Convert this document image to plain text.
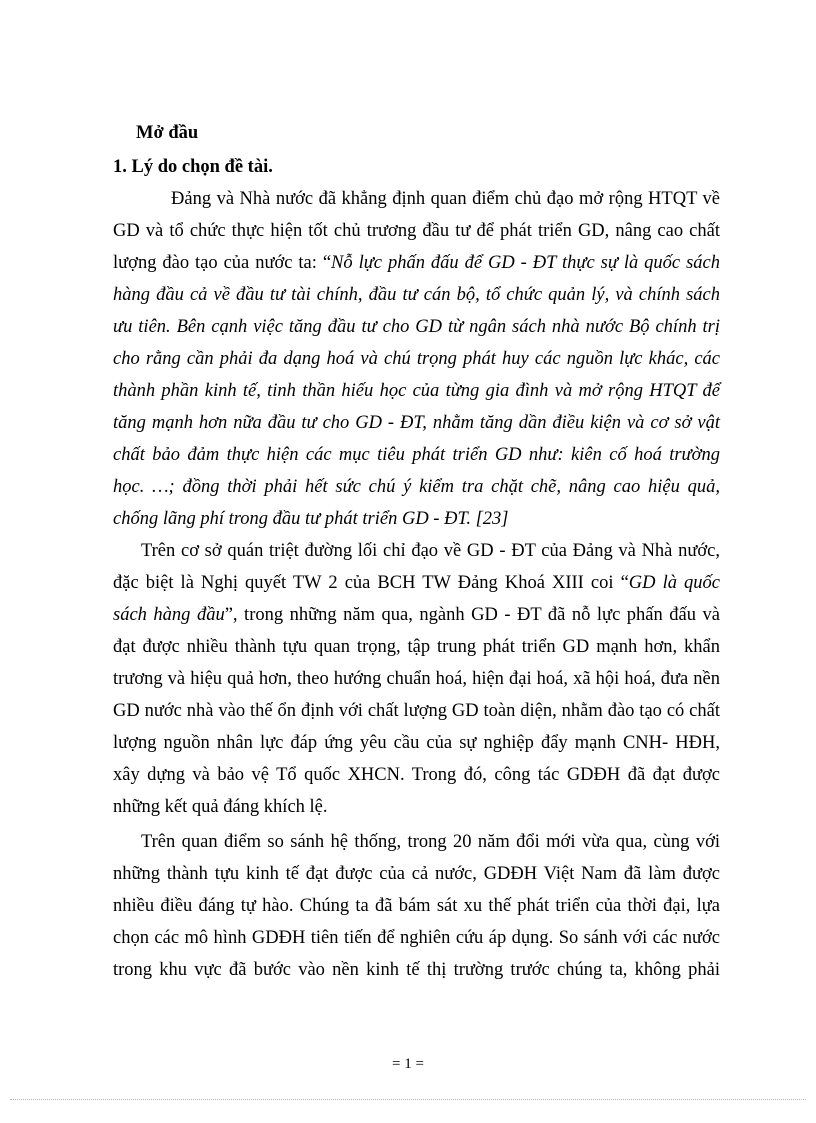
Mở đầu
1. Lý do chọn đề tài.
Đảng và Nhà nước đã khẳng định quan điểm chủ đạo mở rộng HTQT về
GD và tổ chức thực hiện tốt chủ trương đầu tư để phát triển GD, nâng cao chất
lượng đào tạo của nước ta: “Nỗ lực phấn đấu để GD - ĐT thực sự là quốc sách
hàng đầu cả về đầu tư tài chính, đầu tư cán bộ, tổ chức quản lý, và chính sách
ưu tiên. Bên cạnh việc tăng đầu tư cho GD từ ngân sách nhà nước Bộ chính trị
cho rằng cần phải đa dạng hoá và chú trọng phát huy các nguồn lực khác, các
thành phần kinh tế, tinh thần hiếu học của từng gia đình và mở rộng HTQT để
tăng mạnh hơn nữa đầu tư cho GD - ĐT, nhằm tăng dần điều kiện và cơ sở vật
chất bảo đảm thực hiện các mục tiêu phát triển GD như: kiên cố hoá trường
học. …; đồng thời phải hết sức chú ý kiểm tra chặt chẽ, nâng cao hiệu quả,
chống lãng phí trong đầu tư phát triển GD - ĐT. [23]
Trên cơ sở quán triệt đường lối chỉ đạo về GD - ĐT của Đảng và Nhà nước,
đặc biệt là Nghị quyết TW 2 của BCH TW Đảng Khoá XIII coi “GD là quốc
sách hàng đầu”, trong những năm qua, ngành GD - ĐT đã nỗ lực phấn đấu và
đạt được nhiều thành tựu quan trọng, tập trung phát triển GD mạnh hơn, khẩn
trương và hiệu quả hơn, theo hướng chuẩn hoá, hiện đại hoá, xã hội hoá, đưa nền
GD nước nhà vào thế ổn định với chất lượng GD toàn diện, nhằm đào tạo có chất
lượng nguồn nhân lực đáp ứng yêu cầu của sự nghiệp đẩy mạnh CNH- HĐH,
xây dựng và bảo vệ Tổ quốc XHCN. Trong đó, công tác GDĐH đã đạt được
những kết quả đáng khích lệ.
Trên quan điểm so sánh hệ thống, trong 20 năm đổi mới vừa qua, cùng với
những thành tựu kinh tế đạt được của cả nước, GDĐH Việt Nam đã làm được
nhiều điều đáng tự hào. Chúng ta đã bám sát xu thế phát triển của thời đại, lựa
chọn các mô hình GDĐH tiên tiến để nghiên cứu áp dụng. So sánh với các nước
trong khu vực đã bước vào nền kinh tế thị trường trước chúng ta, không phải
= 1 =
